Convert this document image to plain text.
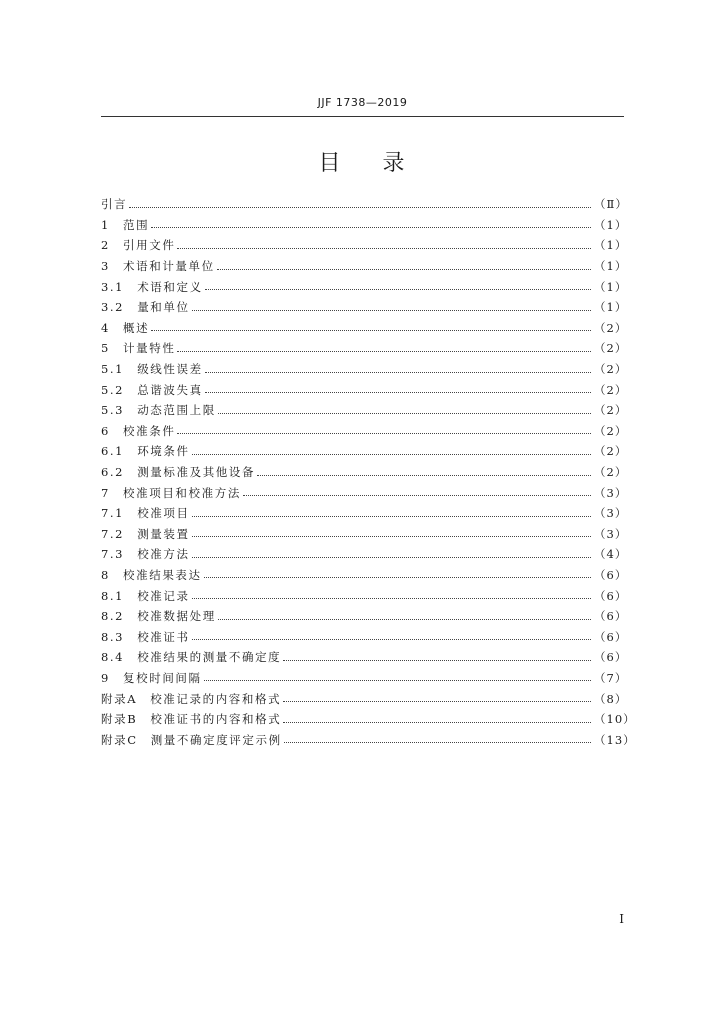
JJF 1738—2019
目 录
引言	（Ⅱ）
1　范围	（1）
2　引用文件	（1）
3　术语和计量单位	（1）
3.1　术语和定义	（1）
3.2　量和单位	（1）
4　概述	（2）
5　计量特性	（2）
5.1　级线性误差	（2）
5.2　总谐波失真	（2）
5.3　动态范围上限	（2）
6　校准条件	（2）
6.1　环境条件	（2）
6.2　测量标准及其他设备	（2）
7　校准项目和校准方法	（3）
7.1　校准项目	（3）
7.2　测量装置	（3）
7.3　校准方法	（4）
8　校准结果表达	（6）
8.1　校准记录	（6）
8.2　校准数据处理	（6）
8.3　校准证书	（6）
8.4　校准结果的测量不确定度	（6）
9　复校时间间隔	（7）
附录A　校准记录的内容和格式	（8）
附录B　校准证书的内容和格式	（10）
附录C　测量不确定度评定示例	（13）
Ⅰ
